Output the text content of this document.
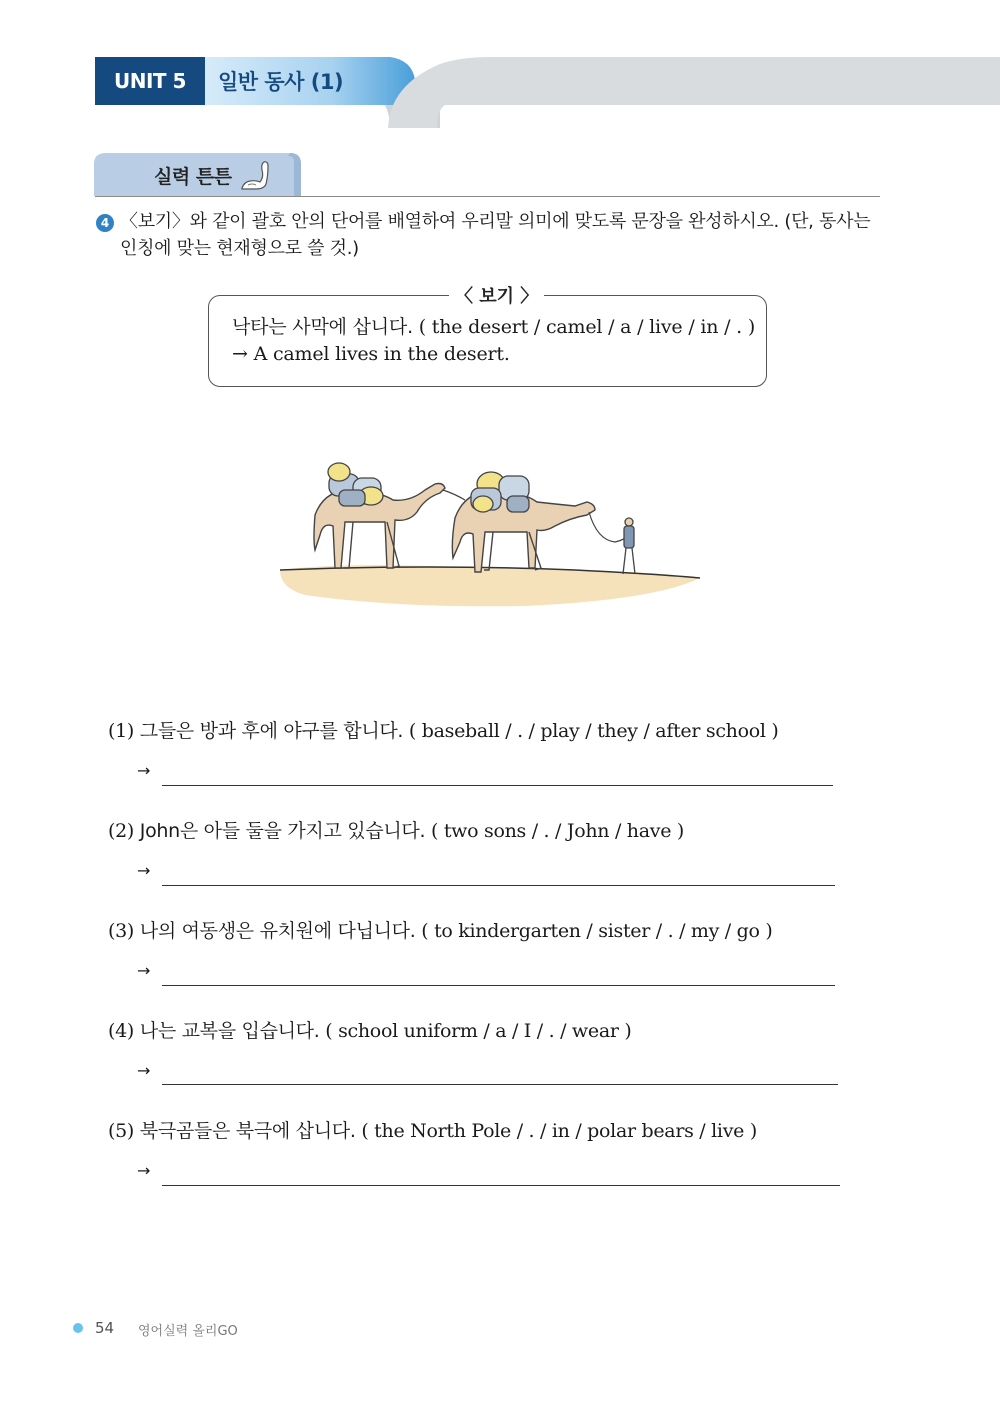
UNIT 5	일반 동사 (1)
실력 튼튼
4 〈보기〉와 같이 괄호 안의 단어를 배열하여 우리말 의미에 맞도록 문장을 완성하시오. (단, 동사는 인칭에 맞는 현재형으로 쓸 것.)
〈 보기 〉
낙타는 사막에 삽니다. ( the desert / camel / a / live / in / . )
→ A camel lives in the desert.
(1) 그들은 방과 후에 야구를 합니다. ( baseball / . / play / they / after school )
→
(2) John은 아들 둘을 가지고 있습니다. ( two sons / . / John / have )
→
(3) 나의 여동생은 유치원에 다닙니다. ( to kindergarten / sister / . / my / go )
→
(4) 나는 교복을 입습니다. ( school uniform / a / I / . / wear )
→
(5) 북극곰들은 북극에 삽니다. ( the North Pole / . / in / polar bears / live )
→
54 영어실력 올리GO
